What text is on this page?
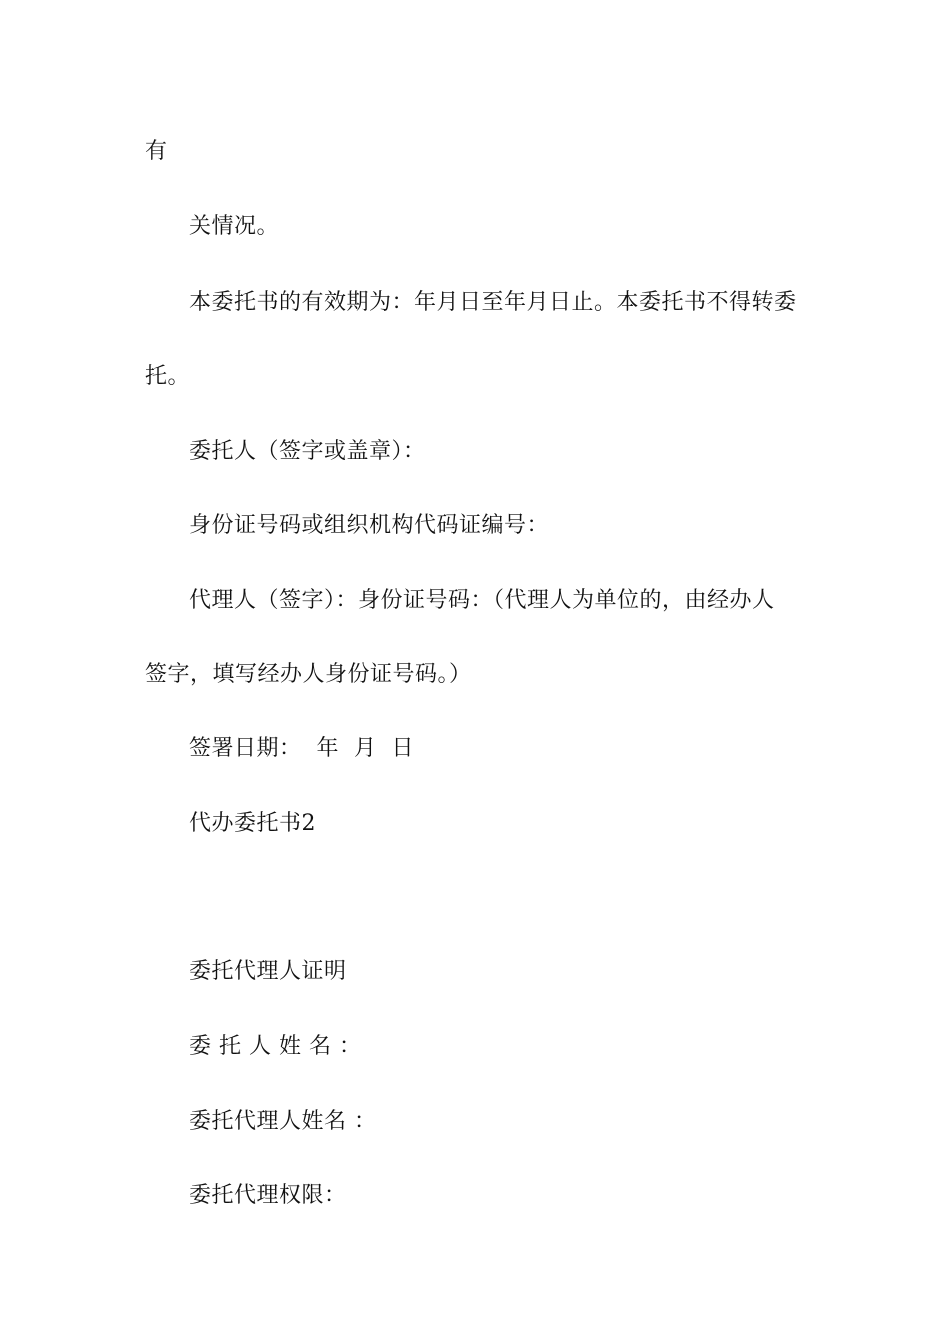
有
关情况。
本委托书的有效期为：年月日至年月日止。本委托书不得转委
托。
委托人（签字或盖章）：
身份证号码或组织机构代码证编号：
代理人（签字）：身份证号码：（代理人为单位的，由经办人
签字，填写经办人身份证号码。）
签署日期：  年  月  日
代办委托书2
委托代理人证明
委 托 人 姓 名 ：
委托代理人姓名 ：
委托代理权限：
